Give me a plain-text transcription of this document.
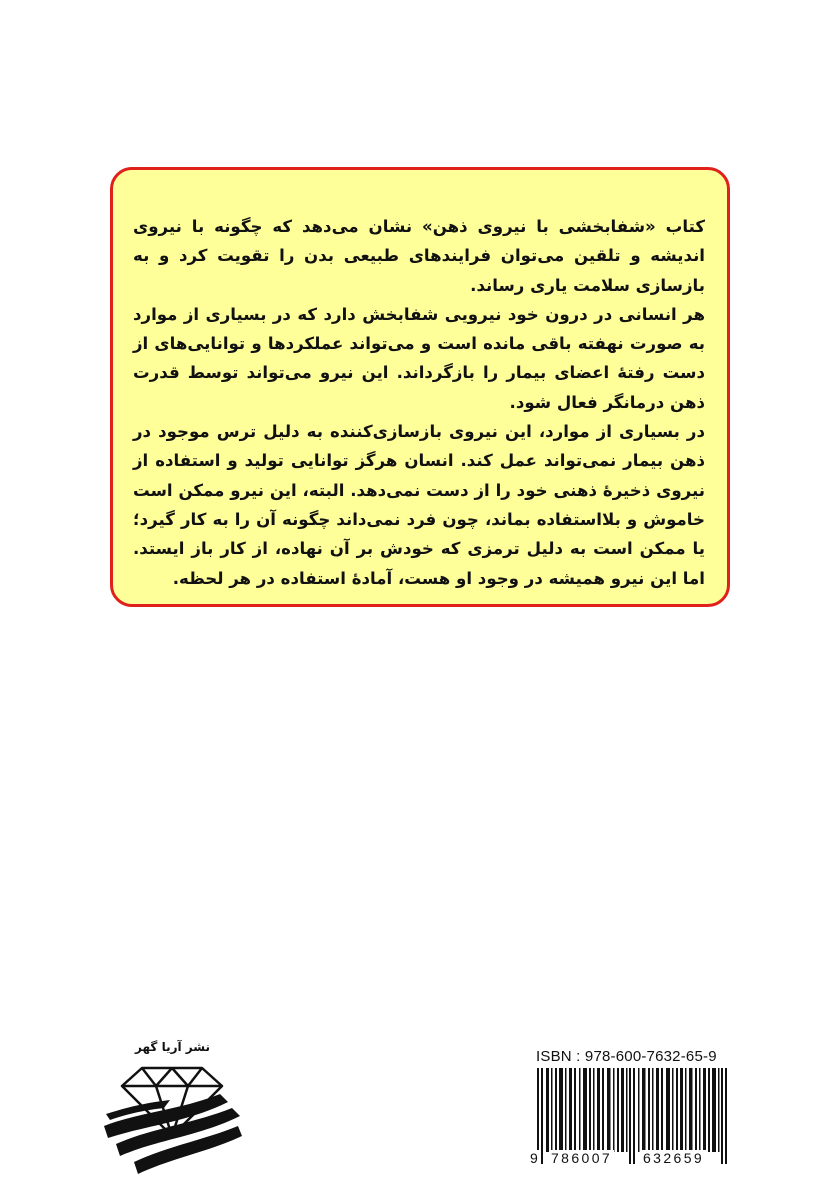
کتاب «شفابخشی با نیروی ذهن» نشان می‌دهد که چگونه با نیروی اندیشه و تلقین می‌توان فرایندهای طبیعی بدن را تقویت کرد و به بازسازی سلامت یاری رساند.

هر انسانی در درون خود نیرویی شفابخش دارد که در بسیاری از موارد به صورت نهفته باقی مانده است و می‌تواند عملکردها و توانایی‌های از دست رفتهٔ اعضای بیمار را بازگرداند. این نیرو می‌تواند توسط قدرت ذهن درمانگر فعال شود.

در بسیاری از موارد، این نیروی بازسازی‌کننده به دلیل ترس موجود در ذهن بیمار نمی‌تواند عمل کند. انسان هرگز توانایی تولید و استفاده از نیروی ذخیرهٔ ذهنی خود را از دست نمی‌دهد. البته، این نیرو ممکن است خاموش و بلااستفاده بماند، چون فرد نمی‌داند چگونه آن را به کار گیرد؛ یا ممکن است به دلیل ترمزی که خودش بر آن نهاده، از کار باز ایستد. اما این نیرو همیشه در وجود او هست، آمادهٔ استفاده در هر لحظه.

نشر آریا گهر
ISBN : 978-600-7632-65-9
9 786007 632659
